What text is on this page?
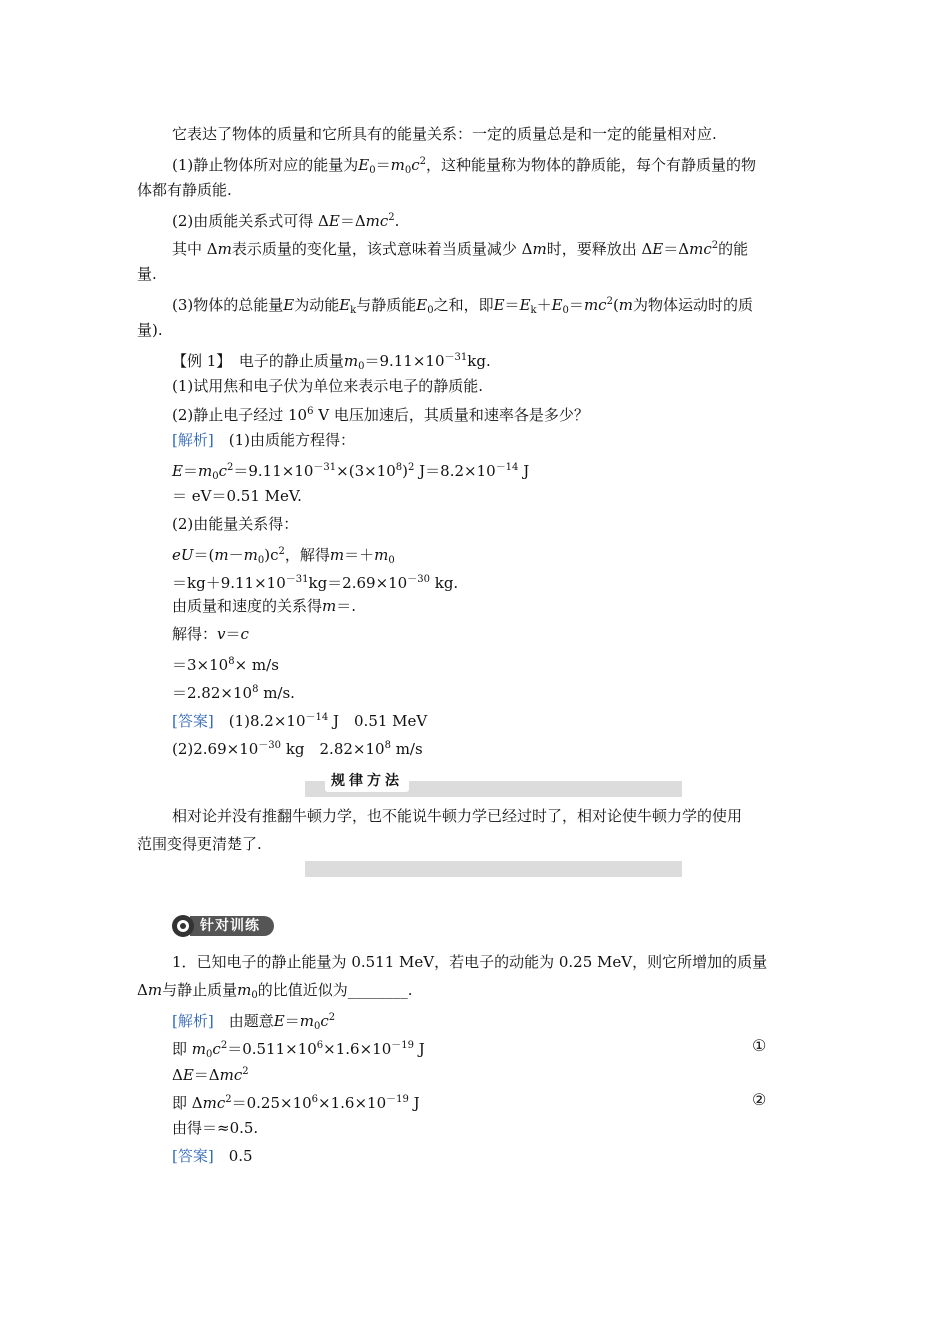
它表达了物体的质量和它所具有的能量关系：一定的质量总是和一定的能量相对应.
(1)静止物体所对应的能量为$E_0=m_0c^2$，这种能量称为物体的静质能，每个有静质量的物
体都有静质能.
(2)由质能关系式可得 ΔE＝Δmc$^2$.
其中 Δm表示质量的变化量，该式意味着当质量减少 Δm时，要释放出 ΔE＝Δmc$^2$的能
量.
(3)物体的总能量E为动能$E_k$与静质能$E_0$之和，即$E=E_k+E_0=mc^2(m$为物体运动时的质
量).
【例 1】　 电子的静止质量$m_0=9.11\times 10^{-31}kg$.
(1)试用焦和电子伏为单位来表示电子的静质能.
(2)静止电子经过 $10^6$ V 电压加速后，其质量和速率各是多少？
[解析]　 (1)由质能方程得：
$E=m_0c^2=9.11\times 10^{-31}\times(3\times 10^8)^2$ $J=8.2\times 10^{-14}$ J
＝ eV＝0.51 MeV.
(2)由能量关系得：
$eU=(m-m_0)c^2$，解得$m=+m_0$
$=kg+9.11\times 10^{-31}kg=2.69\times 10^{-30}$ kg.
由质量和速度的关系得m＝.
解得：v＝c
$=3\times 10^8\times m/s$
$=2.82\times 10^8$ m/s.
[答案]　 $(1)8.2\times 10^{-14}$ J　0.51 MeV
$(2)2.69\times 10^{-30}$ kg　$2.82\times 10^8$ m/s
规律方法
相对论并没有推翻牛顿力学，也不能说牛顿力学已经过时了，相对论使牛顿力学的使用
范围变得更清楚了.
针对训练
1．已知电子的静止能量为 0.511 MeV，若电子的动能为 0.25 MeV，则它所增加的质量
Δm与静止质量$m_0$的比值近似为________.
[解析]　由题意$E=m_0c^2$
即 $m_0c^2=0.511\times 10^6\times 1.6\times 10^{-19}$ J	①
ΔE＝Δmc$^2$
即 $\Delta mc^2=0.25\times 10^6\times 1.6\times 10^{-19}$ J	②
由得＝≈0.5.
[答案]　0.5
